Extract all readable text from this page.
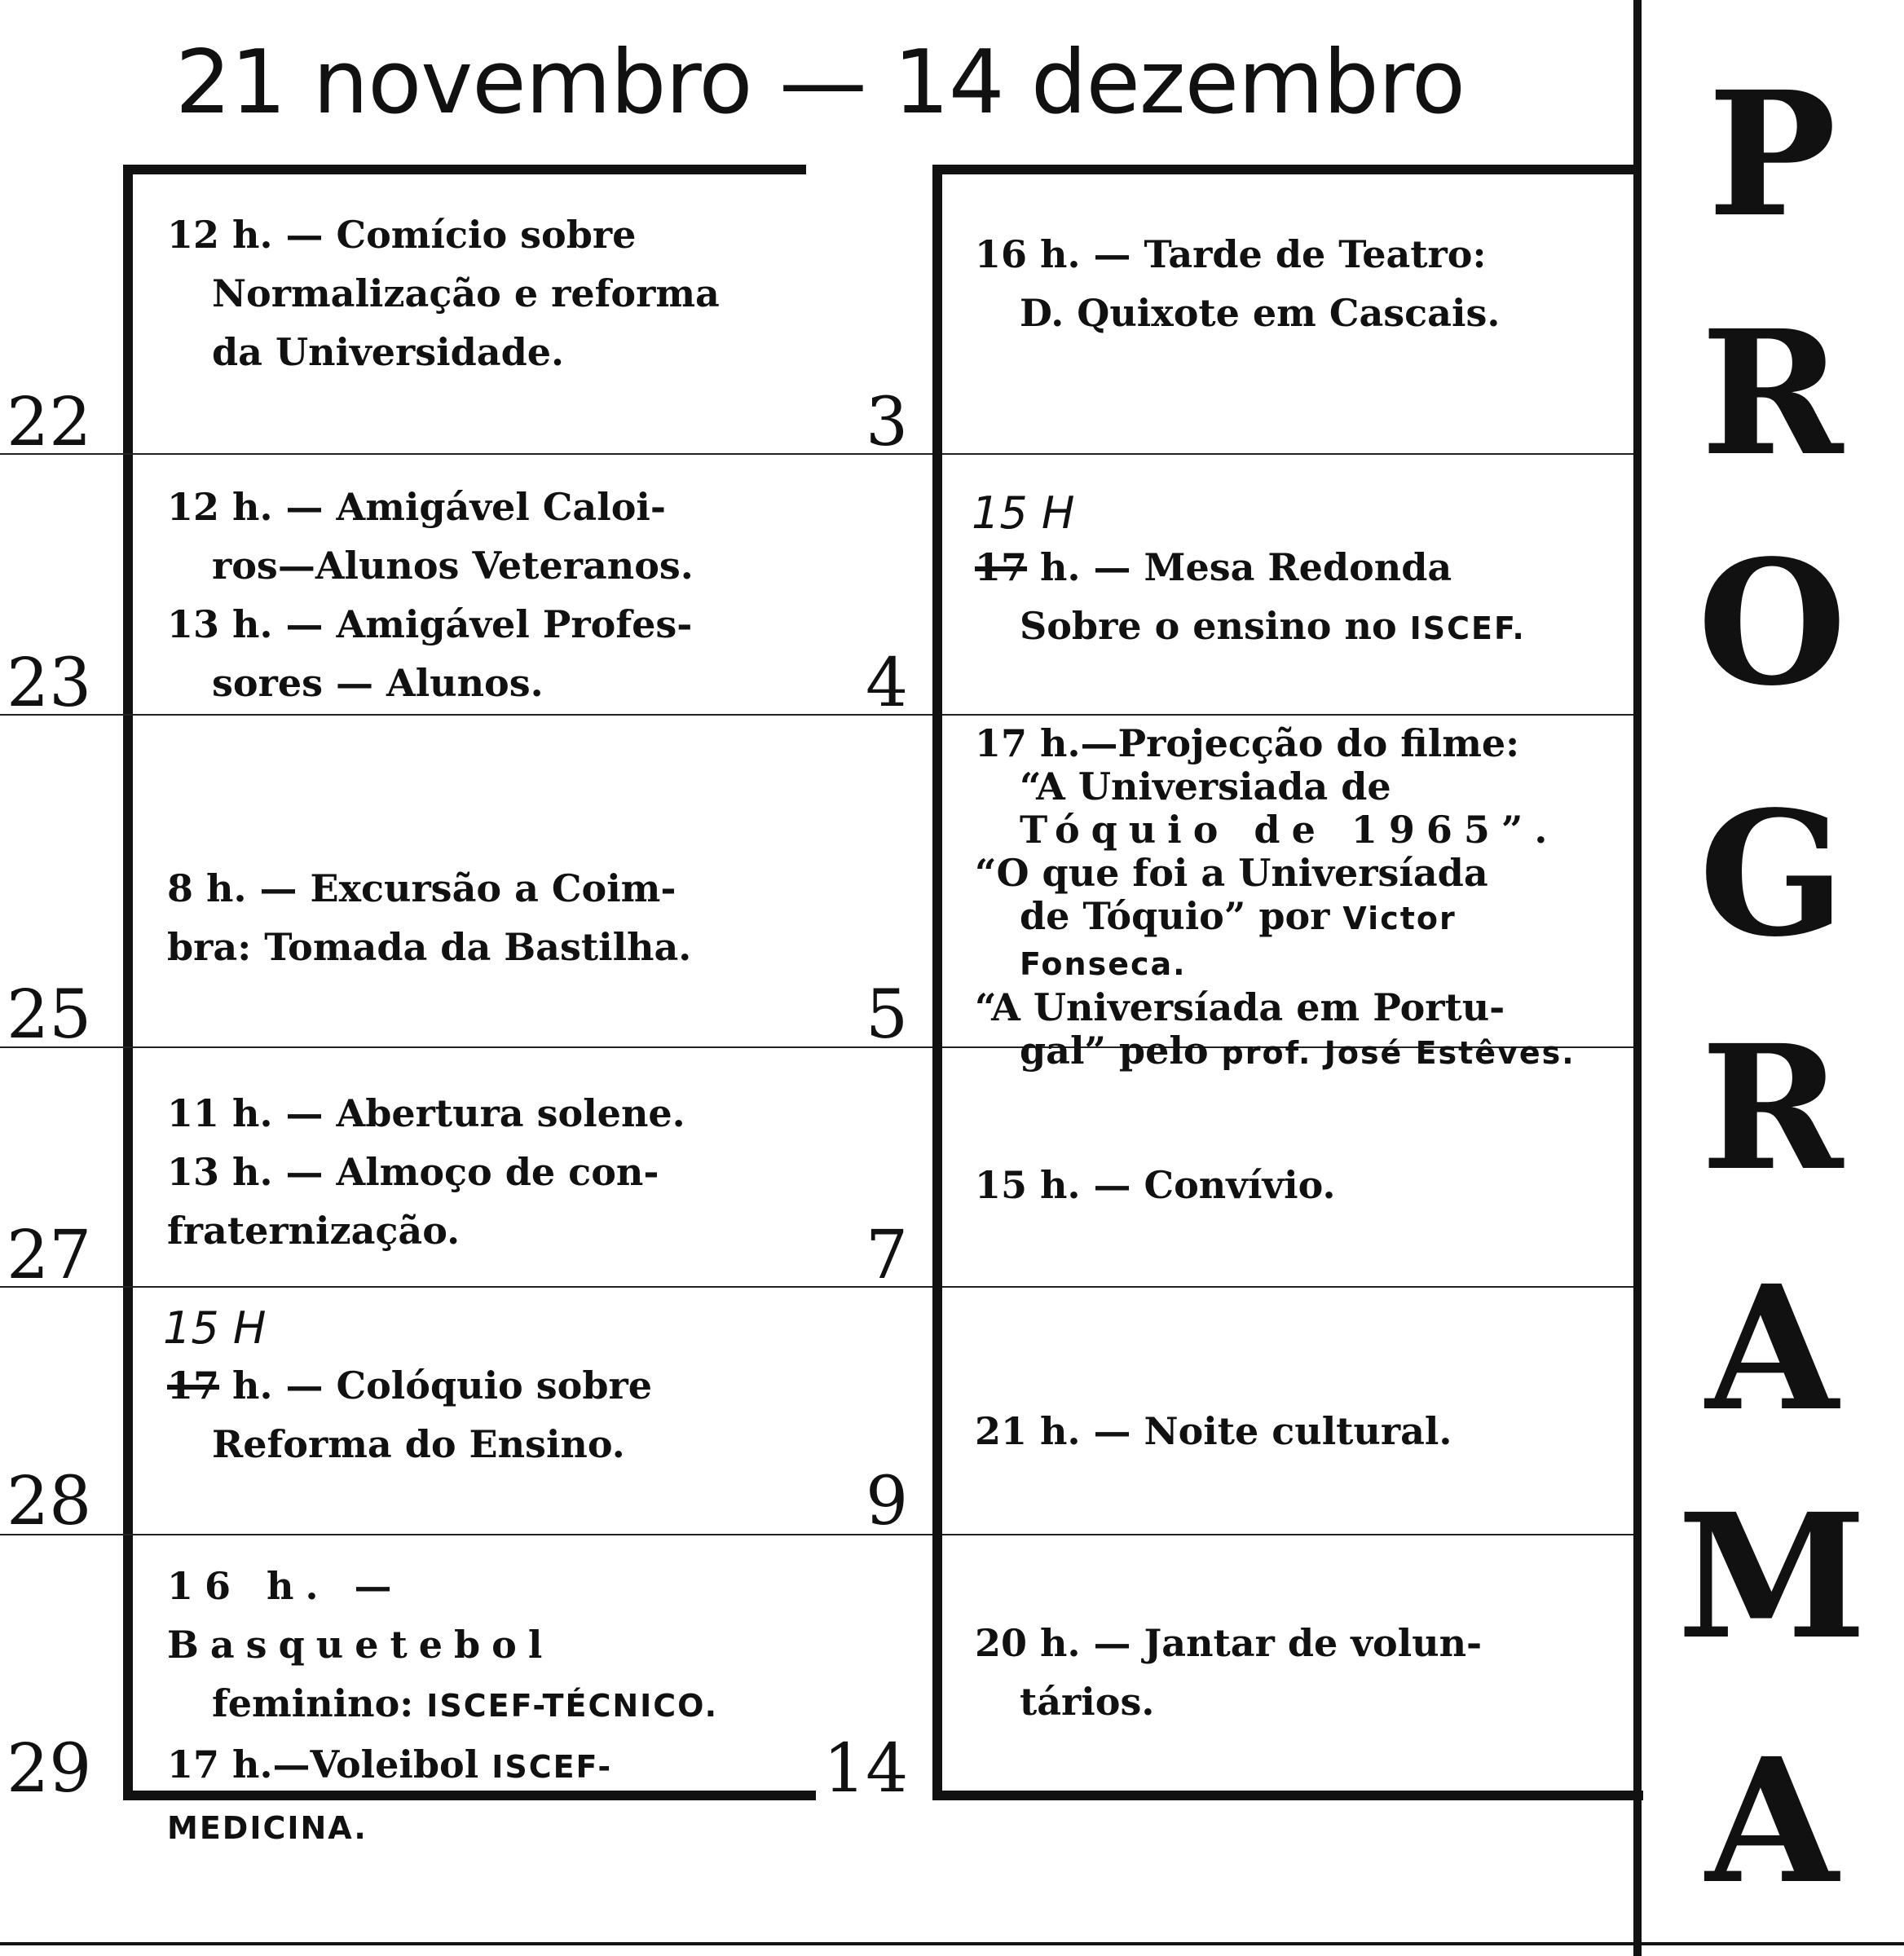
21 novembro — 14 dezembro
22
23
25
27
28
29
3
4
5
7
9
14

12 h. — Comício sobre

Normalização e reforma

da Universidade.

12 h. — Amigável Caloi-

ros—Alunos Veteranos.

13 h. — Amigável Profes-

sores — Alunos.

8 h. — Excursão a Coim-

bra: Tomada da Bastilha.

11 h. — Abertura solene.

13 h. — Almoço de con-

fraternização.

15 H

17 h. — Colóquio sobre

Reforma do Ensino.

16 h. — Basquetebol

feminino: ISCEF-TÉCNICO.

17 h.—Voleibol ISCEF-MEDICINA.

16 h. — Tarde de Teatro:

D. Quixote em Cascais.

15 H

17 h. — Mesa Redonda

Sobre o ensino no ISCEF.

17 h.—Projecção do filme:

“A Universiada de

Tóquio de 1965”.

“O que foi a Universíada

de Tóquio” por Victor Fonseca.

“A Universíada em Portu-

gal” pelo prof. José Estêves.

15 h. — Convívio.

21 h. — Noite cultural.

20 h. — Jantar de volun-

tários.

P
R
O
G
R
A
M
A
